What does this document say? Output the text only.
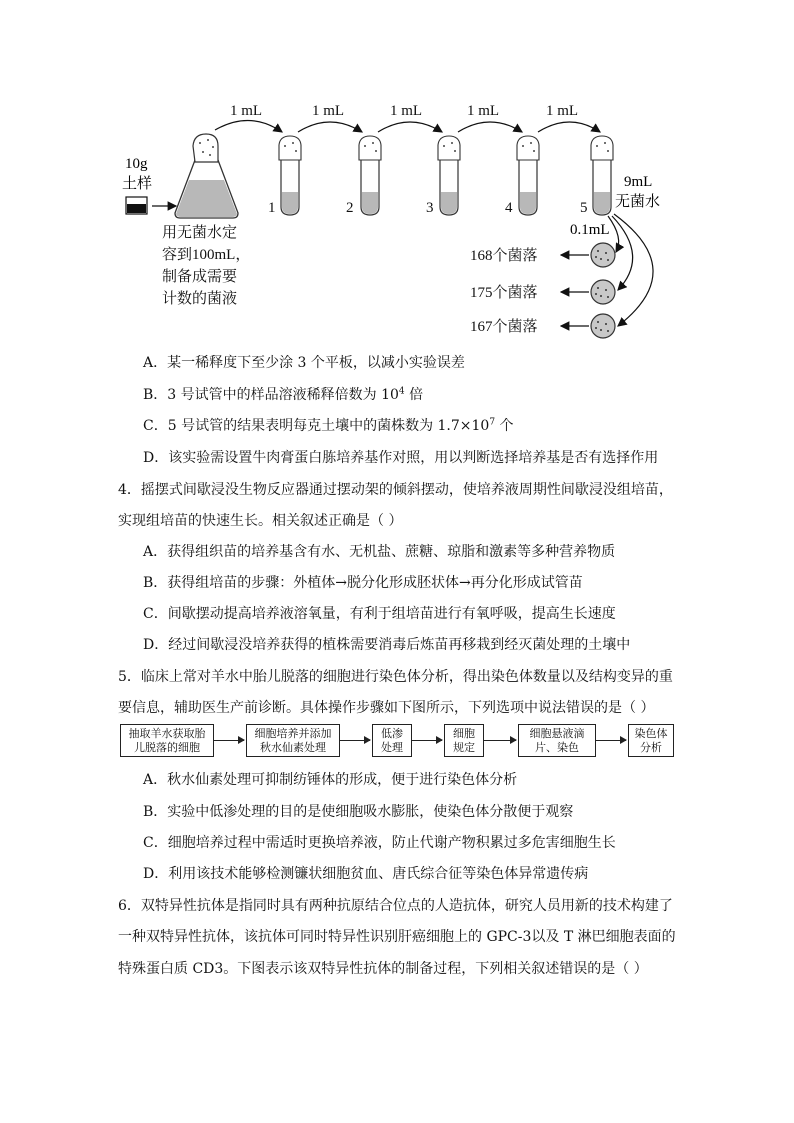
1 mL	1 mL	1 mL	1 mL	1 mL
10g
土样
用无菌水定
容到100mL，
制备成需要
计数的菌液
1	2	3	4	5
9mL
无菌水
0.1mL
168个菌落
175个菌落
167个菌落
A．某一稀释度下至少涂 3 个平板，以减小实验误差
B．3 号试管中的样品溶液稀释倍数为 $10^4$ 倍
C．5 号试管的结果表明每克土壤中的菌株数为 $1.7\times 10^7$ 个
D．该实验需设置牛肉膏蛋白胨培养基作对照，用以判断选择培养基是否有选择作用
4．摇摆式间歇浸没生物反应器通过摆动架的倾斜摆动，使培养液周期性间歇浸没组培苗，
实现组培苗的快速生长。相关叙述正确是（ ）
A．获得组织苗的培养基含有水、无机盐、蔗糖、琼脂和激素等多种营养物质
B．获得组培苗的步骤：外植体→脱分化形成胚状体→再分化形成试管苗
C．间歇摆动提高培养液溶氧量，有利于组培苗进行有氧呼吸，提高生长速度
D．经过间歇浸没培养获得的植株需要消毒后炼苗再移栽到经灭菌处理的土壤中
5．临床上常对羊水中胎儿脱落的细胞进行染色体分析，得出染色体数量以及结构变异的重
要信息，辅助医生产前诊断。具体操作步骤如下图所示，下列选项中说法错误的是（ ）
抽取羊水获取胎
儿脱落的细胞
细胞培养并添加
秋水仙素处理
低渗
处理
细胞
规定
细胞悬液滴
片、染色
染色体
分析
A．秋水仙素处理可抑制纺锤体的形成，便于进行染色体分析
B．实验中低渗处理的目的是使细胞吸水膨胀，使染色体分散便于观察
C．细胞培养过程中需适时更换培养液，防止代谢产物积累过多危害细胞生长
D．利用该技术能够检测镰状细胞贫血、唐氏综合征等染色体异常遗传病
6．双特异性抗体是指同时具有两种抗原结合位点的人造抗体，研究人员用新的技术构建了
一种双特异性抗体，该抗体可同时特异性识别肝癌细胞上的 GPC-3以及 T 淋巴细胞表面的
特殊蛋白质 CD3。下图表示该双特异性抗体的制备过程，下列相关叙述错误的是（ ）
